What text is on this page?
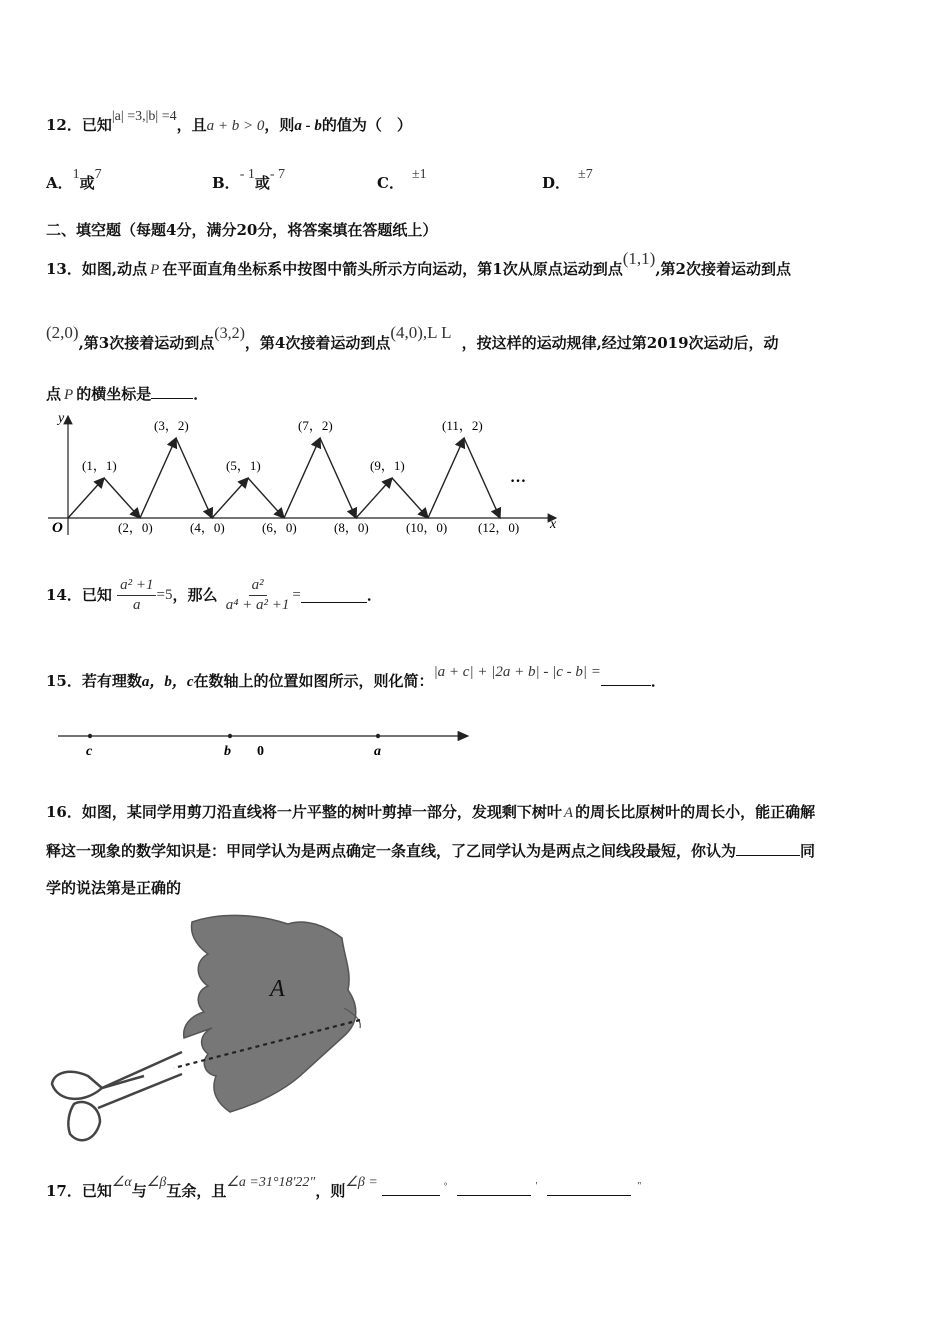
12．已知|a| =3,|b| =4，且a + b > 0，则a - b的值为（　）
A．1或7	B．- 1或- 7	C． ±1	D． ±7
二、填空题（每题4分，满分20分，将答案填在答题纸上）
13．如图,动点 P 在平面直角坐标系中按图中箭头所示方向运动，第1次从原点运动到点(1,1),第2次接着运动到点
(2,0),第3次接着运动到点(3,2)，第4次接着运动到点(4,0),L L，按这样的运动规律,经过第2019次运动后，动
点 P 的横坐标是	．
y
x
O
…
(1，1)
(3，2)
(5，1)
(7，2)
(9，1)
(11，2)
(2，0)	(4，0)	(6，0)	(8，0)	(10，0) (12，0)
14．已知 $\frac{\text{a² +1}}{a} =5$，那么 $\frac{\text{a²}}{\text{a⁴ + a² +1}}$ =	．
15．若有理数a，b，c在数轴上的位置如图所示，则化简：|a + c| + |2a + b| - |c - b| =	．
c	b 0	a
16．如图，某同学用剪刀沿直线将一片平整的树叶剪掉一部分，发现剩下树叶 A 的周长比原树叶的周长小，能正确解
释这一现象的数学知识是：甲同学认为是两点确定一条直线，了乙同学认为是两点之间线段最短，你认为	同
学的说法第是正确的
A
17．已知∠α与∠β互余，且∠a =31°18'22"，则∠β =	°	'	"
